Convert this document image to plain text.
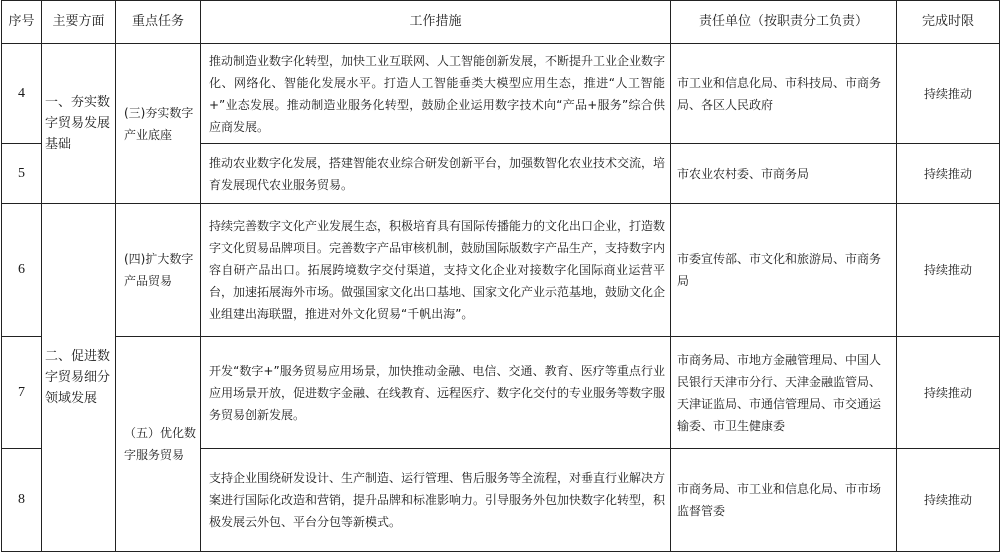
序号	主要方面	重点任务	工作措施	责任单位（按职责分工负责）	完成时限
4	一、夯实数字贸易发展基础	(三)夯实数字产业底座	推动制造业数字化转型，加快工业互联网、人工智能创新发展，不断提升工业企业数字化、网络化、智能化发展水平。打造人工智能垂类大模型应用生态，推进“人工智能+”业态发展。推动制造业服务化转型，鼓励企业运用数字技术向“产品+服务”综合供应商发展。	市工业和信息化局、市科技局、市商务局、各区人民政府	持续推动
5			推动农业数字化发展，搭建智能农业综合研发创新平台，加强数智化农业技术交流，培育发展现代农业服务贸易。	市农业农村委、市商务局	持续推动
6	二、促进数字贸易细分领域发展	(四)扩大数字产品贸易	持续完善数字文化产业发展生态，积极培育具有国际传播能力的文化出口企业，打造数字文化贸易品牌项目。完善数字产品审核机制，鼓励国际版数字产品生产，支持数字内容自研产品出口。拓展跨境数字交付渠道，支持文化企业对接数字化国际商业运营平台，加速拓展海外市场。做强国家文化出口基地、国家文化产业示范基地，鼓励文化企业组建出海联盟，推进对外文化贸易“千帆出海”。	市委宣传部、市文化和旅游局、市商务局	持续推动
7		（五）优化数字服务贸易	开发“数字+”服务贸易应用场景，加快推动金融、电信、交通、教育、医疗等重点行业应用场景开放，促进数字金融、在线教育、远程医疗、数字化交付的专业服务等数字服务贸易创新发展。	市商务局、市地方金融管理局、中国人民银行天津市分行、天津金融监管局、天津证监局、市通信管理局、市交通运输委、市卫生健康委	持续推动
8			支持企业围绕研发设计、生产制造、运行管理、售后服务等全流程，对垂直行业解决方案进行国际化改造和营销，提升品牌和标准影响力。引导服务外包加快数字化转型，积极发展云外包、平台分包等新模式。	市商务局、市工业和信息化局、市市场监督管委	持续推动
